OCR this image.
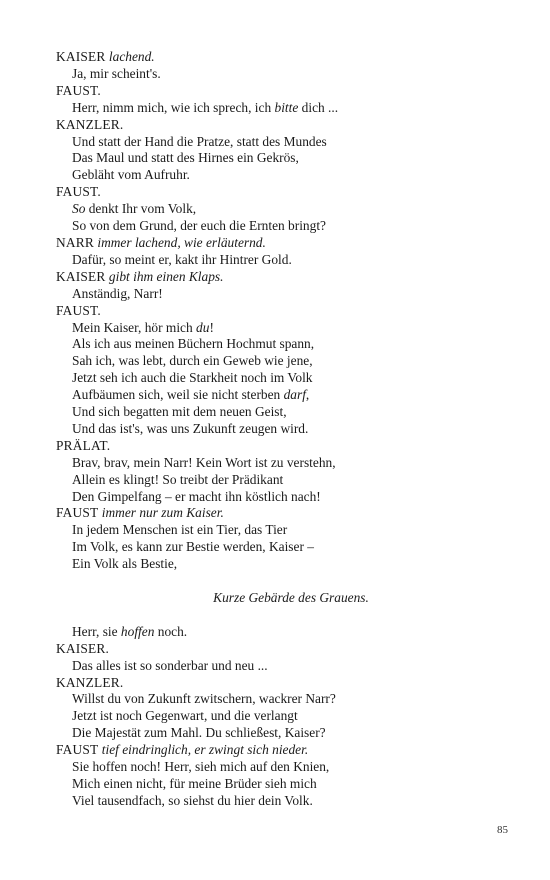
KAISER lachend.
Ja, mir scheint's.
FAUST.
Herr, nimm mich, wie ich sprech, ich bitte dich ...
KANZLER.
Und statt der Hand die Pratze, statt des Mundes
Das Maul und statt des Hirnes ein Gekrös,
Gebläht vom Aufruhr.
FAUST.
So denkt Ihr vom Volk,
So von dem Grund, der euch die Ernten bringt?
NARR immer lachend, wie erläuternd.
Dafür, so meint er, kakt ihr Hintrer Gold.
KAISER gibt ihm einen Klaps.
Anständig, Narr!
FAUST.
Mein Kaiser, hör mich du!
Als ich aus meinen Büchern Hochmut spann,
Sah ich, was lebt, durch ein Geweb wie jene,
Jetzt seh ich auch die Starkheit noch im Volk
Aufbäumen sich, weil sie nicht sterben darf,
Und sich begatten mit dem neuen Geist,
Und das ist's, was uns Zukunft zeugen wird.
PRÄLAT.
Brav, brav, mein Narr! Kein Wort ist zu verstehn,
Allein es klingt! So treibt der Prädikant
Den Gimpelfang – er macht ihn köstlich nach!
FAUST immer nur zum Kaiser.
In jedem Menschen ist ein Tier, das Tier
Im Volk, es kann zur Bestie werden, Kaiser –
Ein Volk als Bestie,
Kurze Gebärde des Grauens.
Herr, sie hoffen noch.
KAISER.
Das alles ist so sonderbar und neu ...
KANZLER.
Willst du von Zukunft zwitschern, wackrer Narr?
Jetzt ist noch Gegenwart, und die verlangt
Die Majestät zum Mahl. Du schließest, Kaiser?
FAUST tief eindringlich, er zwingt sich nieder.
Sie hoffen noch! Herr, sieh mich auf den Knien,
Mich einen nicht, für meine Brüder sieh mich
Viel tausendfach, so siehst du hier dein Volk.
85
